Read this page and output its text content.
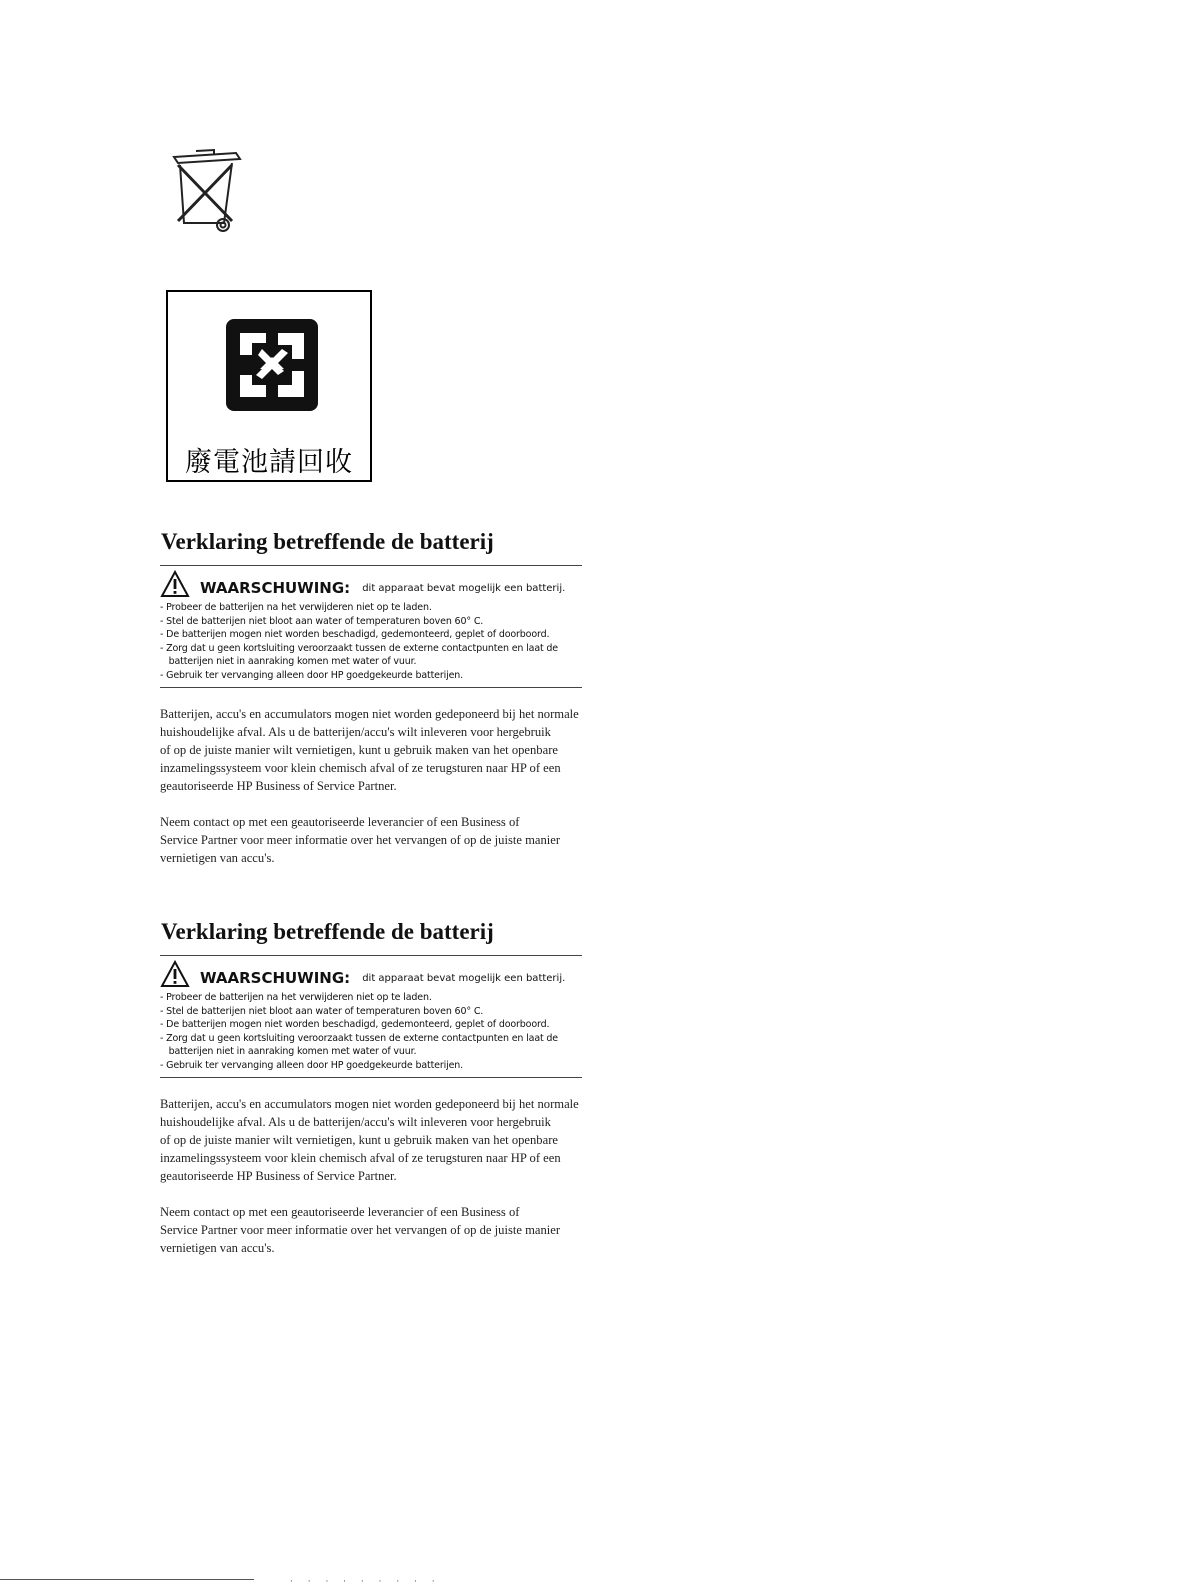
廢電池請回收
Verklaring betreffende de batterij
WAARSCHUWING: dit apparaat bevat mogelijk een batterij.
- Probeer de batterijen na het verwijderen niet op te laden.
- Stel de batterijen niet bloot aan water of temperaturen boven 60° C.
- De batterijen mogen niet worden beschadigd, gedemonteerd, geplet of doorboord.
- Zorg dat u geen kortsluiting veroorzaakt tussen de externe contactpunten en laat de
batterijen niet in aanraking komen met water of vuur.
- Gebruik ter vervanging alleen door HP goedgekeurde batterijen.

Batterijen, accu's en accumulators mogen niet worden gedeponeerd bij het normale
huishoudelijke afval. Als u de batterijen/accu's wilt inleveren voor hergebruik
of op de juiste manier wilt vernietigen, kunt u gebruik maken van het openbare
inzamelingssysteem voor klein chemisch afval of ze terugsturen naar HP of een
geautoriseerde HP Business of Service Partner.

Neem contact op met een geautoriseerde leverancier of een Business of
Service Partner voor meer informatie over het vervangen of op de juiste manier
vernietigen van accu's.

Verklaring betreffende de batterij
WAARSCHUWING: dit apparaat bevat mogelijk een batterij.
- Probeer de batterijen na het verwijderen niet op te laden.
- Stel de batterijen niet bloot aan water of temperaturen boven 60° C.
- De batterijen mogen niet worden beschadigd, gedemonteerd, geplet of doorboord.
- Zorg dat u geen kortsluiting veroorzaakt tussen de externe contactpunten en laat de
batterijen niet in aanraking komen met water of vuur.
- Gebruik ter vervanging alleen door HP goedgekeurde batterijen.

Batterijen, accu's en accumulators mogen niet worden gedeponeerd bij het normale
huishoudelijke afval. Als u de batterijen/accu's wilt inleveren voor hergebruik
of op de juiste manier wilt vernietigen, kunt u gebruik maken van het openbare
inzamelingssysteem voor klein chemisch afval of ze terugsturen naar HP of een
geautoriseerde HP Business of Service Partner.

Neem contact op met een geautoriseerde leverancier of een Business of
Service Partner voor meer informatie over het vervangen of op de juiste manier
vernietigen van accu's.

· · · · · · · · ·
